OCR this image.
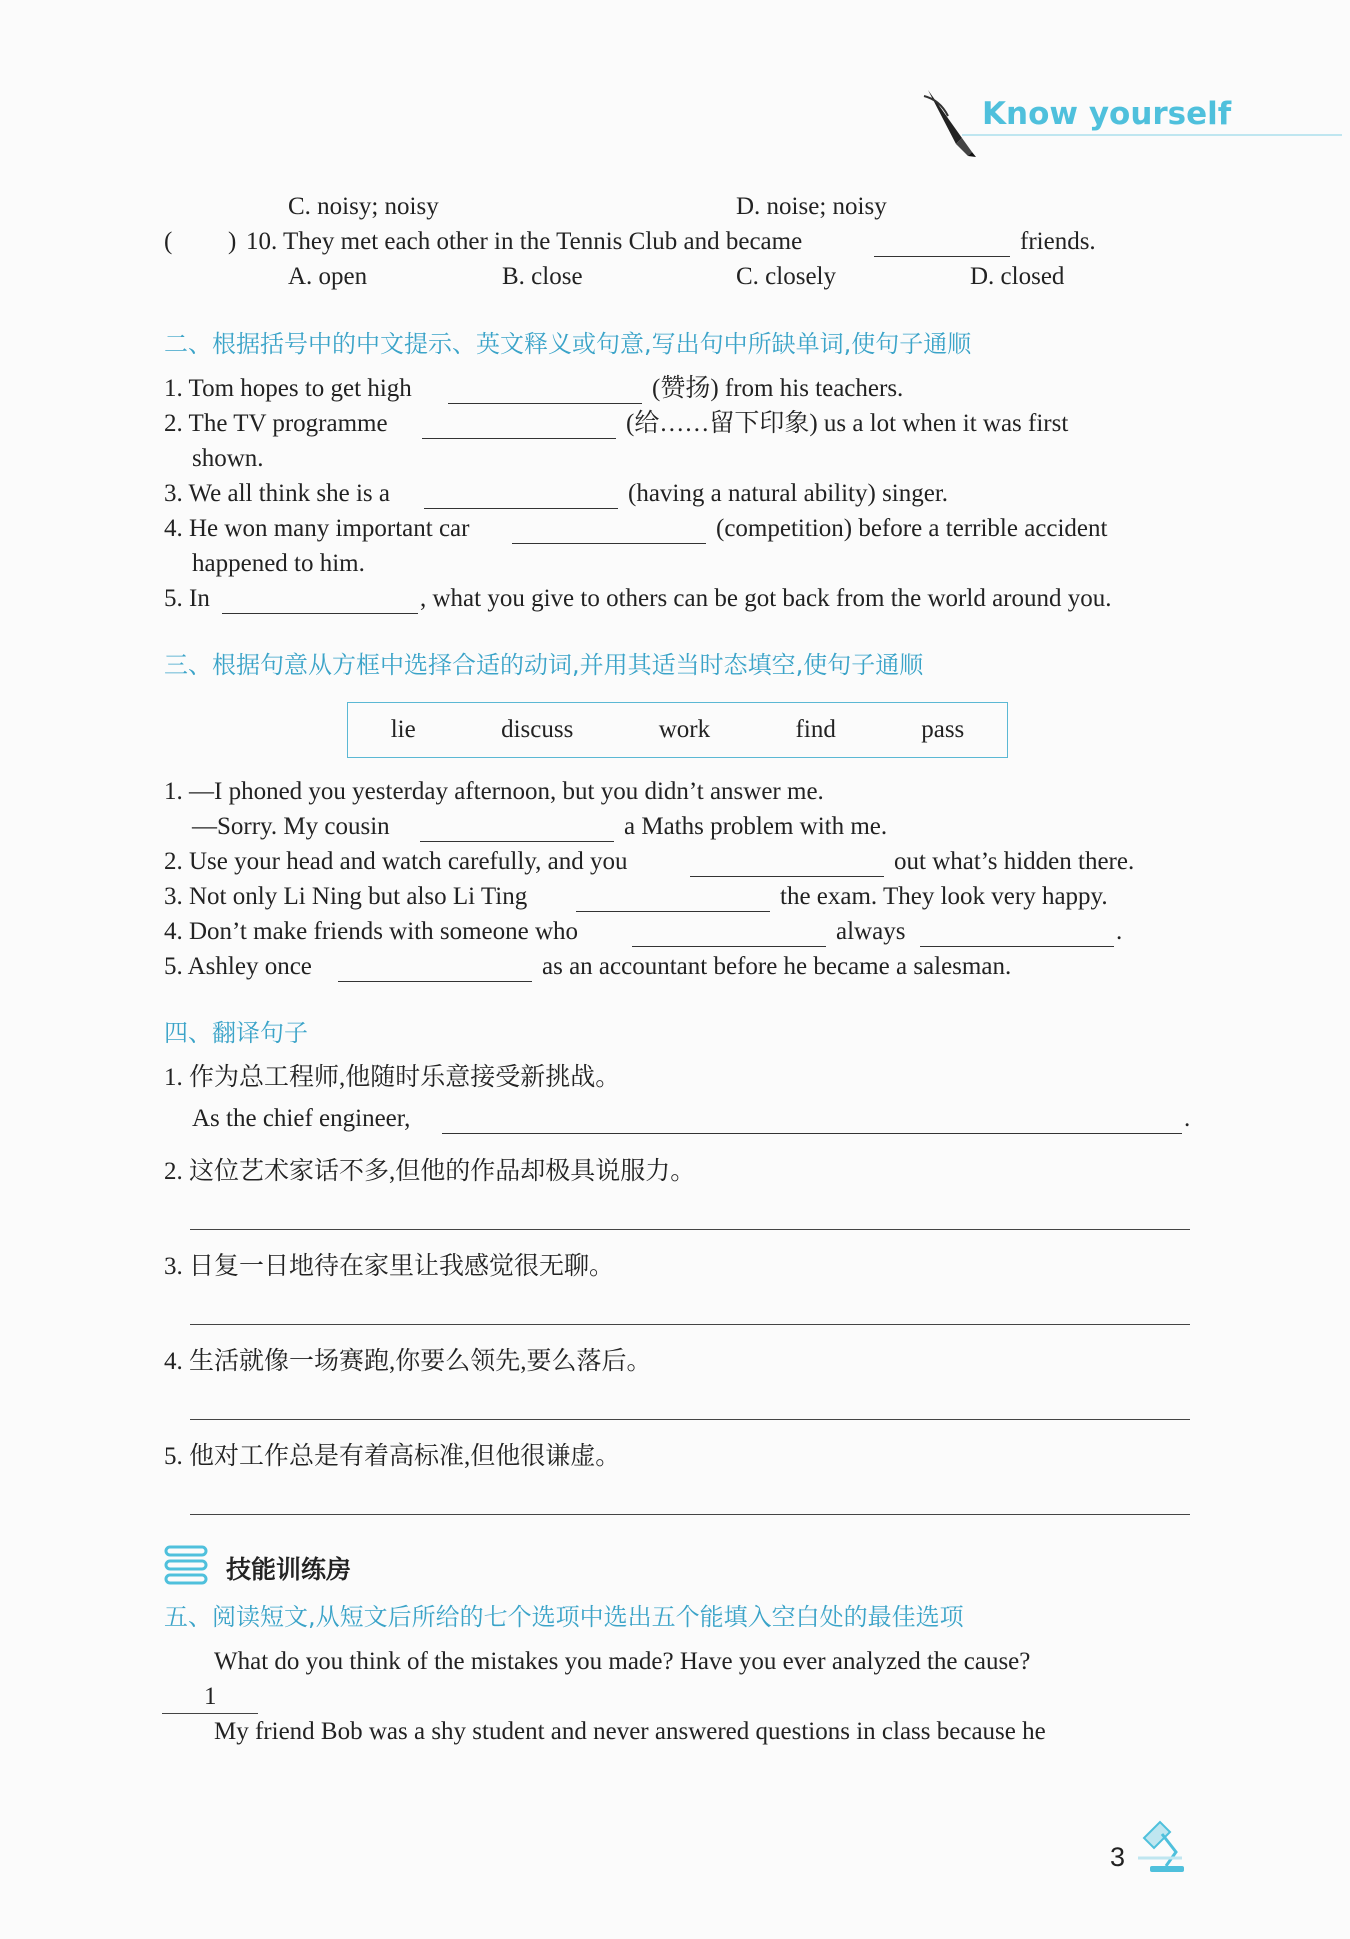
Know yourself
C. noisy; noisy	D. noise; noisy
( ) 10. They met each other in the Tennis Club and became	friends.
A. open	B. close	C. closely	D. closed
二、根据括号中的中文提示、英文释义或句意,写出句中所缺单词,使句子通顺
1. Tom hopes to get high	(赞扬) from his teachers.
2. The TV programme	(给……留下印象) us a lot when it was first
shown.
3. We all think she is a	(having a natural ability) singer.
4. He won many important car	(competition) before a terrible accident
happened to him.
5. In	, what you give to others can be got back from the world around you.
三、根据句意从方框中选择合适的动词,并用其适当时态填空,使句子通顺
lie	discuss	work	find	pass
1. —I phoned you yesterday afternoon, but you didn’t answer me.
—Sorry. My cousin	a Maths problem with me.
2. Use your head and watch carefully, and you	out what’s hidden there.
3. Not only Li Ning but also Li Ting	the exam. They look very happy.
4. Don’t make friends with someone who	always	.
5. Ashley once	as an accountant before he became a salesman.
四、翻译句子
1. 作为总工程师,他随时乐意接受新挑战。
As the chief engineer,	.
2. 这位艺术家话不多,但他的作品却极具说服力。
3. 日复一日地待在家里让我感觉很无聊。
4. 生活就像一场赛跑,你要么领先,要么落后。
5. 他对工作总是有着高标准,但他很谦虚。
技能训练房
五、阅读短文,从短文后所给的七个选项中选出五个能填入空白处的最佳选项
What do you think of the mistakes you made? Have you ever analyzed the cause?
1
My friend Bob was a shy student and never answered questions in class because he
3
